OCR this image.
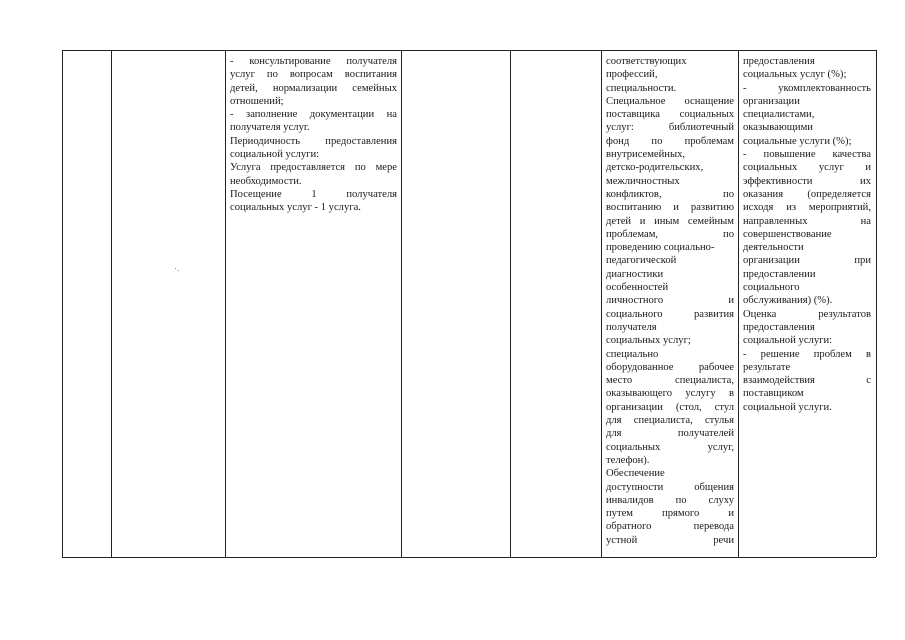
- консультирование получателя

услуг по вопросам воспитания

детей, нормализации семейных

отношений;

- заполнение документации на

получателя услуг.

Периодичность предоставления

социальной услуги:

Услуга предоставляется по мере

необходимости.

Посещение 1 получателя

социальных услуг - 1 услуга.

соответствующих

профессий,

специальности.

Специальное оснащение

поставщика социальных

услуг: библиотечный

фонд по проблемам

внутрисемейных,

детско-родительских,

межличностных

конфликтов, по

воспитанию и развитию

детей и иным семейным

проблемам, по

проведению социально-

педагогической

диагностики

особенностей

личностного и

социального развития

получателя

социальных услуг;

специально

оборудованное рабочее

место специалиста,

оказывающего услугу в

организации (стол, стул

для специалиста, стулья

для получателей

социальных услуг,

телефон).

Обеспечение

доступности общения

инвалидов по слуху

путем прямого и

обратного перевода

устной речи

предоставления

социальных услуг (%);

- укомплектованность

организации

специалистами,

оказывающими

социальные услуги (%);

- повышение качества

социальных услуг и

эффективности их

оказания (определяется

исходя из мероприятий,

направленных на

совершенствование

деятельности

организации при

предоставлении

социального

обслуживания) (%).

Оценка результатов

предоставления

социальной услуги:

- решение проблем в

результате

взаимодействия с

поставщиком

социальной услуги.
